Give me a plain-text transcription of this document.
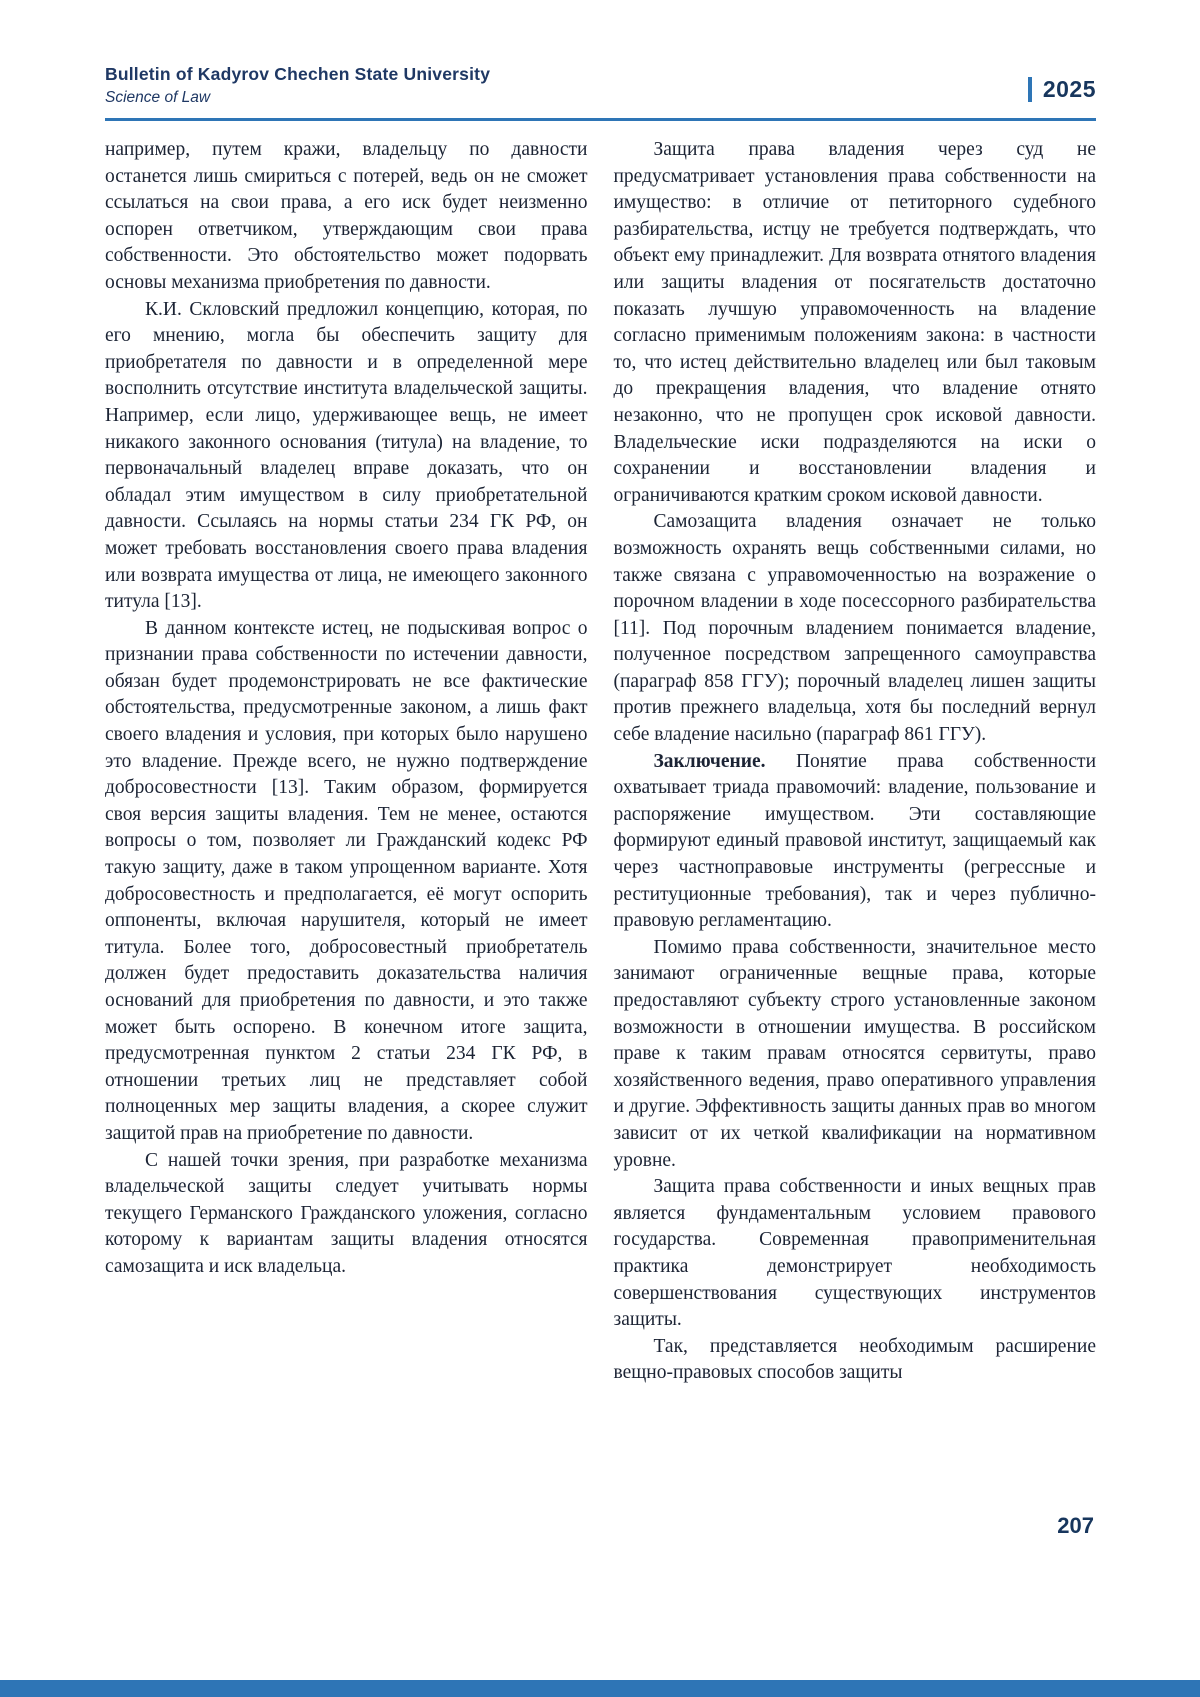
Bulletin of Kadyrov Chechen State University
Science of Law	2025

например, путем кражи, владельцу по давности останется лишь смириться с потерей, ведь он не сможет ссылаться на свои права, а его иск будет неизменно оспорен ответчиком, утверждающим свои права собственности. Это обстоятельство может подорвать основы механизма приобретения по давности.

К.И. Скловский предложил концепцию, которая, по его мнению, могла бы обеспечить защиту для приобретателя по давности и в определенной мере восполнить отсутствие института владельческой защиты. Например, если лицо, удерживающее вещь, не имеет никакого законного основания (титула) на владение, то первоначальный владелец вправе доказать, что он обладал этим имуществом в силу приобретательной давности. Ссылаясь на нормы статьи 234 ГК РФ, он может требовать восстановления своего права владения или возврата имущества от лица, не имеющего законного титула [13].

В данном контексте истец, не подыскивая вопрос о признании права собственности по истечении давности, обязан будет продемонстрировать не все фактические обстоятельства, предусмотренные законом, а лишь факт своего владения и условия, при которых было нарушено это владение. Прежде всего, не нужно подтверждение добросовестности [13]. Таким образом, формируется своя версия защиты владения. Тем не менее, остаются вопросы о том, позволяет ли Гражданский кодекс РФ такую защиту, даже в таком упрощенном варианте. Хотя добросовестность и предполагается, её могут оспорить оппоненты, включая нарушителя, который не имеет титула. Более того, добросовестный приобретатель должен будет предоставить доказательства наличия оснований для приобретения по давности, и это также может быть оспорено. В конечном итоге защита, предусмотренная пунктом 2 статьи 234 ГК РФ, в отношении третьих лиц не представляет собой полноценных мер защиты владения, а скорее служит защитой прав на приобретение по давности.

С нашей точки зрения, при разработке механизма владельческой защиты следует учитывать нормы текущего Германского Гражданского уложения, согласно которому к вариантам защиты владения относятся самозащита и иск владельца.

Защита права владения через суд не предусматривает установления права собственности на имущество: в отличие от петиторного судебного разбирательства, истцу не требуется подтверждать, что объект ему принадлежит. Для возврата отнятого владения или защиты владения от посягательств достаточно показать лучшую управомоченность на владение согласно применимым положениям закона: в частности то, что истец действительно владелец или был таковым до прекращения владения, что владение отнято незаконно, что не пропущен срок исковой давности. Владельческие иски подразделяются на иски о сохранении и восстановлении владения и ограничиваются кратким сроком исковой давности.

Самозащита владения означает не только возможность охранять вещь собственными силами, но также связана с управомоченностью на возражение о порочном владении в ходе посессорного разбирательства [11]. Под порочным владением понимается владение, полученное посредством запрещенного самоуправства (параграф 858 ГГУ); порочный владелец лишен защиты против прежнего владельца, хотя бы последний вернул себе владение насильно (параграф 861 ГГУ).

Заключение. Понятие права собственности охватывает триада правомочий: владение, пользование и распоряжение имуществом. Эти составляющие формируют единый правовой институт, защищаемый как через частноправовые инструменты (регрессные и реституционные требования), так и через публично-правовую регламентацию.

Помимо права собственности, значительное место занимают ограниченные вещные права, которые предоставляют субъекту строго установленные законом возможности в отношении имущества. В российском праве к таким правам относятся сервитуты, право хозяйственного ведения, право оперативного управления и другие. Эффективность защиты данных прав во многом зависит от их четкой квалификации на нормативном уровне.

Защита права собственности и иных вещных прав является фундаментальным условием правового государства. Современная правоприменительная практика демонстрирует необходимость совершенствования существующих инструментов защиты.

Так, представляется необходимым расширение вещно-правовых способов защиты

207
